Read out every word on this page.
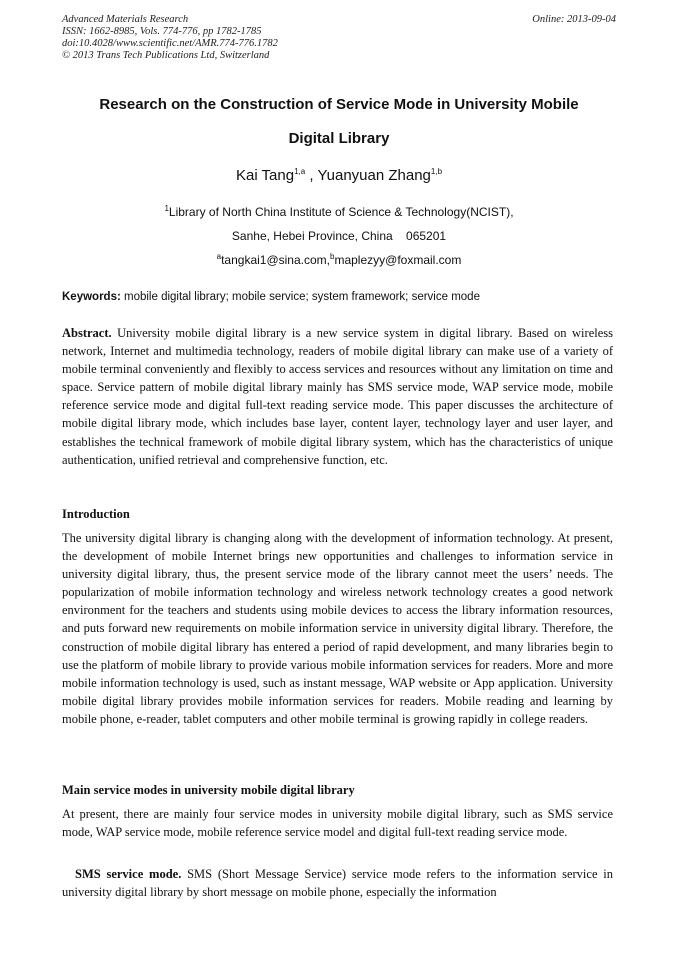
Advanced Materials Research
ISSN: 1662-8985, Vols. 774-776, pp 1782-1785
doi:10.4028/www.scientific.net/AMR.774-776.1782
© 2013 Trans Tech Publications Ltd, Switzerland
Online: 2013-09-04
Research on the Construction of Service Mode in University Mobile
Digital Library
Kai Tang$^{1,a}$ , Yuanyuan Zhang$^{1,b}$
$^1$Library of North China Institute of Science & Technology(NCIST),
Sanhe, Hebei Province, China    065201
$^a$tangkai1@sina.com,$^b$maplezyy@foxmail.com
Keywords: mobile digital library; mobile service; system framework; service mode
Abstract. University mobile digital library is a new service system in digital library. Based on wireless network, Internet and multimedia technology, readers of mobile digital library can make use of a variety of mobile terminal conveniently and flexibly to access services and resources without any limitation on time and space. Service pattern of mobile digital library mainly has SMS service mode, WAP service mode, mobile reference service mode and digital full-text reading service mode. This paper discusses the architecture of mobile digital library mode, which includes base layer, content layer, technology layer and user layer, and establishes the technical framework of mobile digital library system, which has the characteristics of unique authentication, unified retrieval and comprehensive function, etc.
Introduction
The university digital library is changing along with the development of information technology. At present, the development of mobile Internet brings new opportunities and challenges to information service in university digital library, thus, the present service mode of the library cannot meet the users’ needs. The popularization of mobile information technology and wireless network technology creates a good network environment for the teachers and students using mobile devices to access the library information resources, and puts forward new requirements on mobile information service in university digital library. Therefore, the construction of mobile digital library has entered a period of rapid development, and many libraries begin to use the platform of mobile library to provide various mobile information services for readers. More and more mobile information technology is used, such as instant message, WAP website or App application. University mobile digital library provides mobile information services for readers. Mobile reading and learning by mobile phone, e-reader, tablet computers and other mobile terminal is growing rapidly in college readers.
Main service modes in university mobile digital library
At present, there are mainly four service modes in university mobile digital library, such as SMS service mode, WAP service mode, mobile reference service model and digital full-text reading service mode.
SMS service mode. SMS (Short Message Service) service mode refers to the information service in university digital library by short message on mobile phone, especially the information
